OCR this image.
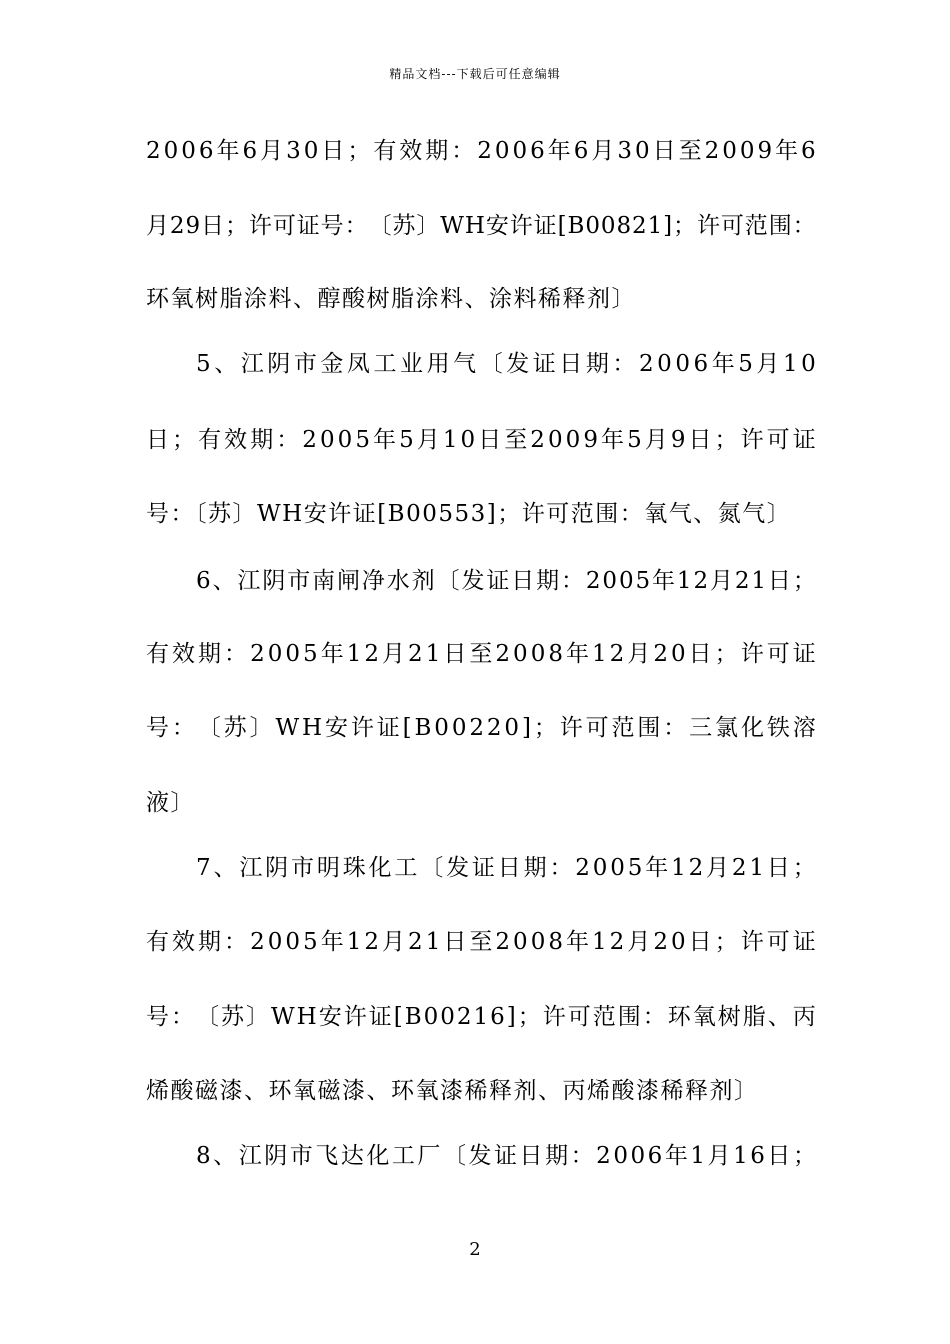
精品文档---下载后可任意编辑
2 0 0 6 年 6 月 3 0 日 ； 有 效 期 ： 2 0 0 6 年 6 月 3 0 日 至 2 0 0 9 年 6
月 2 9 日 ； 许 可 证 号 ： 〔 苏 〕 W H 安 许 证 [ B 0 0 8 2 1 ] ； 许 可 范 围 ：
环氧树脂涂料、醇酸树脂涂料、涂料稀释剂〕
5 、 江 阴 市 金 凤 工 业 用 气 〔 发 证 日 期 ： 2 0 0 6 年 5 月 1 0
日 ； 有 效 期 ： 2 0 0 5 年 5 月 1 0 日 至 2 0 0 9 年 5 月 9 日 ； 许 可 证
号：〔苏〕WH安许证[B00553]；许可范围：氧气、氮气〕
6 、 江 阴 市 南 闸 净 水 剂 〔 发 证 日 期 ： 2 0 0 5 年 1 2 月 2 1 日 ；
有 效 期 ： 2 0 0 5 年 1 2 月 2 1 日 至 2 0 0 8 年 1 2 月 2 0 日 ； 许 可 证
号 ： 〔 苏 〕 W H 安 许 证 [ B 0 0 2 2 0 ] ； 许 可 范 围 ： 三 氯 化 铁 溶
液〕
7 、 江 阴 市 明 珠 化 工 〔 发 证 日 期 ： 2 0 0 5 年 1 2 月 2 1 日 ；
有 效 期 ： 2 0 0 5 年 1 2 月 2 1 日 至 2 0 0 8 年 1 2 月 2 0 日 ； 许 可 证
号 ： 〔 苏 〕 W H 安 许 证 [ B 0 0 2 1 6 ] ； 许 可 范 围 ： 环 氧 树 脂 、 丙
烯酸磁漆、环氧磁漆、环氧漆稀释剂、丙烯酸漆稀释剂〕
8 、 江 阴 市 飞 达 化 工 厂 〔 发 证 日 期 ： 2 0 0 6 年 1 月 1 6 日 ；
2
